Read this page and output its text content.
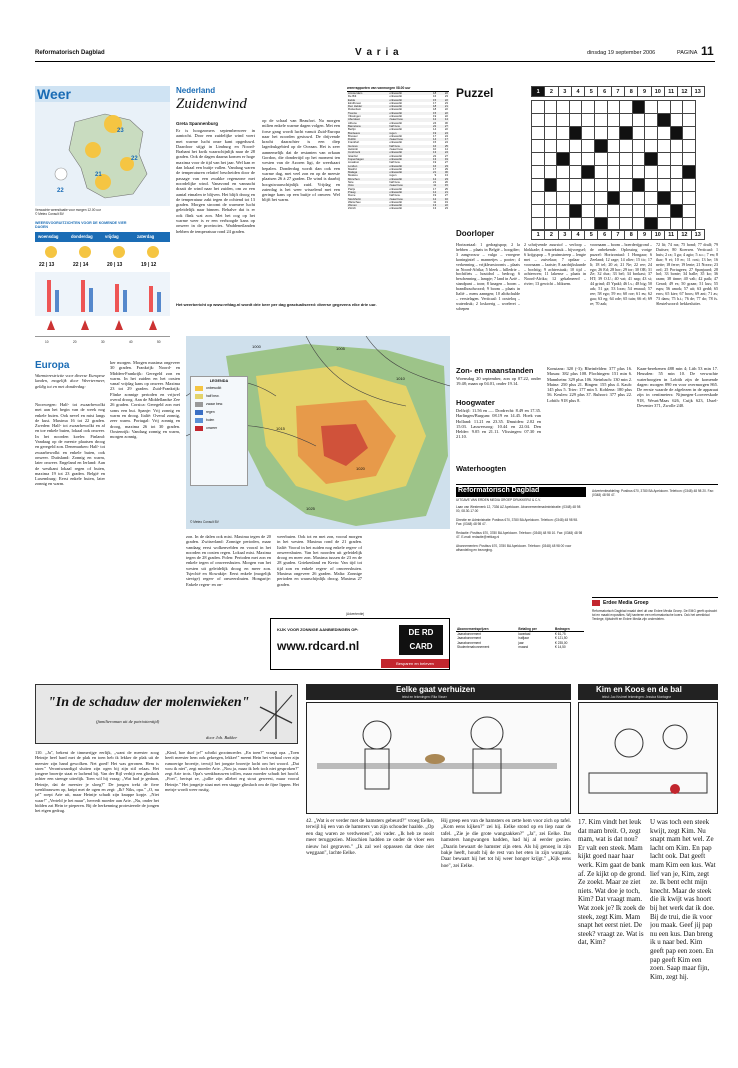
Reformatorisch Dagblad	V a r i a	dinsdag 19 september 2006	PAGINA 11
Weer
23
22
21
22
Verwachte weersituatie voor morgen 12.00 uur
© Meteo Consult BV
WEERSVOORUITZICHTEN VOOR DE KOMENDE VIER DAGEN
woensdag	donderdag	vrijdag	zaterdag
22 | 13	22 | 14	20 | 13	19 | 12
10	20	30	40	50
Nederland
Zuidenwind
Greta Spannenburg
Er is hoogzomers septemberweer in aantocht. Door een zuidelijke wind voert met warme lucht onze kant opgeduwd. Daardoor stijgt in Limburg en Noord-Brabant het kwik waarschijnlijk naar de 28 graden. Ook de dagen daarna komen er hoge maxima voor de tijd van het jaar. Wel kan er dan lokaal een buitje vallen. Vandaag waren de temperaturen relatief bescheiden door de passage van een zwakke regenzone met noordelijke wind. Vanavond en vannacht draait de wind naar het zuiden, om zo een aantal etmalen te blijven. Het blijft droog en de temperatuur zakt tegen de ochtend tot 13 graden. Morgen stroomt de warmere lucht geleidelijk naar binnen. Behalve dat is er ook flink wat zon. Met het oog op het warme weer is er een verhoogde kans op onweer in de provincies. Waddeneilanden hebben de temperatuur rond 24 graden.
op de schaal van Beaufort. Na morgen milien enkele warme dagen volgen. Met een forse gang wordt lucht vanuit Zuid-Europa naar het noorden gestuwd. De drijvende kracht daarachter is een diep lagedrukgebied op de Oceaan. Het is zeer aannemelijk dat de restanten van orkaan Gordon, die dondertijd op het moment ten westen van de Azoren ligt, de weerkaart bepalen. Donderdag wordt dan ook een warme dag, met veel zon en op de meeste plaatsen 26 à 27 graden. De wind is daarbij hoogstwaarschijnlijk zuid. Vrijdag en zaterdag is het weer wisselend met een geringe kans op een buitje of onweer. Wel blijft het warm.
weerrapporten van vanmorgen 08.00 uur
Amsterdam	onbewolkt	18	22
De Bilt	onbewolkt	16	23
Eelde	onbewolkt	15	22
Eindhoven	onbewolkt	17	23
Den Helder	onbewolkt	18	21
Rotterdam	onbewolkt	18	22
Twente	onbewolkt	15	22
Vlissingen	onbewolkt	19	22
Aberdeen	zwaar bew.	12	14
Athene	onbewolkt	24	30
Barcelona	half bew.	22	27
Berlijn	onbewolkt	14	22
Bordeaux	regen	19	24
Brussel	onbewolkt	17	24
Dublin	zwaar bew.	14	17
Frankfurt	onbewolkt	15	24
Genève	half bew.	16	25
Helsinki	zwaar bew.	10	14
Innsbruck	onbewolkt	13	24
Istanbul	onbewolkt	22	27
Kopenhagen	onbewolkt	13	19
Lissabon	half bew.	19	27
Londen	onbewolkt	16	23
Madrid	onbewolkt	17	29
Malaga	onbewolkt	21	30
Moskou	regen	9	13
München	onbewolkt	12	23
Nice	half bew.	21	26
Oslo	zwaar bew.	11	15
Parijs	onbewolkt	17	25
Praag	onbewolkt	12	21
Rome	half bew.	19	27
Stockholm	zwaar bew.	12	16
Warschau	onbewolkt	11	19
Wenen	onbewolkt	13	22
Zürich	onbewolkt	13	23
Het weerbericht op www.refdag.nl wordt drie keer per dag geactualiseerd: diverse gegevens elke drie uur.
Puzzel	1	2	3	4	5	6	7	8	9	10	11	12	13

Doorloper	1	2	3	4	5	6	7	8	9	10	11	12	13
Horizontaal: 1 gedragtspop; 2 la hebben ... plaats in België – hoogdier; 3 zangvrouw – vulgo – vroegere koningintel – mannetjes – pooier; 4 verkenning – vrijkleurstoornis – plaats in Noord-Afrika; 5 bleek – hilledrie – bochtfiets – houtdrol – bedrog; 6 beschenning – lampje; 7 land in Azië – standpunt – toon; 8 knagen – boom – brandhoudwoord; 9 boom – plaats in Italië – mens aanngen; 10 altdschulde – verstelagen. Verticaal: 1 oosteloq – waterdruk; 2 loskoerig – woelerei – schepen
2 schrijvende zuurstof – verloop – blokkade; 4 muziekstuk – bijvoegsel; 6 krijgspop – 9 pruimstreep – lengte met – zuivelaar; 7 opdaar – voornaam – laatste; 8 aardrijkskunde – bochtig; 9 achterstaak; 10 tijd – achterwen; 11 lakense – plaats in Noord-Afrika; 12 gekalmeerd – rivier; 13 gewicht – bliksem.
voornaam – boom – boerderijgrond – de onbekende. Oplossing vorige puzzel: Horizontaal: 1 Hongaar; 6 Zeeland; 12 rage; 14 olier; 15 tic; 17 li; 18 tel; 20 zi; 21 Ne; 22 ree; 24 ego; 26 Ed; 28 hor; 29 tor; 30 OR; 31 Ze; 32 dux; 33 bel; 34 brokast; 37 HT; 39 O.U.; 40 vat; 41 nap; 43 si; 44 grind; 45 Ypakl; 46 l.s.; 48 big; 50 ark; 51 ga; 53 loon; 54 emraal; 57 ree; 58 ego; 59 eo; 60 roe; 61 eu; 62 gaa; 63 eg; 64 ode; 65 tuin; 66 el; 69 re; 70 aak;
72 lit; 74 ras; 75 hond; 77 dralf; 79 Duitser; 80 Koersen. Verticaal: 1 huis; 2 ra; 3 ga; 4 agio; 5 a.c.; 7 en; 8 ikar; 9 ei; 10 ec; 11 rost; 13 he; 16 nette; 18 ferre; 19 lente; 21 Noorz; 23 ord; 25 Portugees; 27 Spanjaard; 28 hol; 33 bonte; 34 balle; 35 ko; 36 raam; 38 tinne; 40 valt; 42 paik; 47 Gerad; 49 es; 50 graan; 51 kus; 55 rups; 56 amok; 57 uit; 63 gedd; 65 eros; 65 kier; 67 boos; 69 ani; 71 as; 73 dans; 75 h.t.; 76 de; 77 do; 78 fs. Sleutelwoord: hekkesluiter.
Europa
Warmterestrictie voor diverse Europese landen, mogelijk door Weertermeer, geldig tot en met donderdag:
Noorwegen: Half- tot zwaarbewolkt met aan het begin van de week nog enkele buien. Ook nevel en mist langs de kust. Maxima 16 tot 22 graden. Zweden: Half- tot zwaarbewolkt en af en toe enkele buien, lokaal ook onweer. In het noorden koeler. Finland: Vandaag op de meeste plaatsen droog en geregeld zon. Denemarken: Half- tot zwaarbewolkt en enkele buien, ook onweer. Duitsland: Zonnig en warm, later onweer. Engeland en Ierland: Aan de westkant lokaal regen of buien, maxima 19 tot 23 graden. België en Luxemburg: Eerst enkele buien, later zonnig en warm.
ker morgen. Morgen maxima ongeveer 30 graden. Frankrijk: Noord- en Midden-Frankrijk: Geregeld zon en warm. In het zuiden en het oosten vanaf vrijdag kans op onweer. Maxima 23 tot 29 graden. Zuid-Frankrijk: Flinke zonnige perioden en vrijwel overal droog. Aan de Middellandse Zee 26 graden. Corsica: Geregeld zon met soms een bui. Spanje: Vrij zonnig en warm en droog. Italië: Overal zonnig, zeer warm. Portugal: Vrij zonnig en droog, maxima 26 tot 30 graden. Oostenrijk: Vandaag zonnig en warm, morgen zonnig.
LEGENDA
onbewolkt
half bew.
zwaar bew.
regen
buien
onweer
1000	1005
1010
1015
1020
1025
© Meteo Consult BV
zon. In de dalen ook mist. Maxima tegen de 20 graden. Zwitserland: Zonnige perioden, maar vandaag eerst wolkenvelden en vooral in het noorden en oosten regen. Lokaal mist. Maxima tegen de 28 graden. Polen: Perioden met zon en enkele tegen of onweersbuien. Morgen van het westen uit geleidelijk droog en meer zon. Tsjechië en Slowakije: Eerst enkele (mogelijk stevige) regen- of onweersbuien. Hongarije: Enkele regen- en on-
weerbuien. Ook tot en met zon, vooral morgen in het westen. Maxima rond de 21 graden. Italië: Vooral in het zuiden nog enkele regen- of onweersbuien. Van het noorden uit geleidelijk droog en meer zon. Maxima tussen de 23 en de 28 graden. Griekenland en Kreta: Van tijd tot tijd zon en enkele regen- of onweersbuien. Maxima ongeveer 26 graden. Malta: Zonnige perioden en waarschijnlijk droog. Maxima 27 graden.
(Advertentie)
KIJK VOOR ZONNIGE AANBIEDINGEN OP:
www.rdcard.nl
DE RD CARD
Besparen en beleven
Zon- en maanstanden
Woensdag 20 september, zon op 07.22, onder 19.48; maan op 04.01, onder 19.14.
Hoogwater
Delfzijl: 11.56 en —. Dordrecht: 8.49 en 17.35. Harlingen/Burgum: 08.19 en 14.45. Hoek van Holland: 11.21 en 23.35. IJmuiden: 2.02 en 15.03. Lauwersoog: 10.44 en 22.04. Den Helder: 9.05 en 21.11. Vlissingen: 07.30 en 21.10.
Waterhoogten
Konstanz: 320 (-3); Rheinfelden: 377 plus 16. Maxau: 382 plus 108. Plochingen: 151 min 6. Mannheim: 329 plus 106. Steinbach: 130 min 2. Mainz: 250 plus 21. Bingen: 155 plus 4. Kaub: 145 plus 5. Trier: 177 min 5. Koblenz: 180 plus 56. Keulen: 229 plus 37. Ruhrort: 377 plus 22. Lobith: 918 plus 8.
Kaan-berekenen 488 min 4; Lith 53 min 17. Heusden: 55 min 10. De verwachte waterhoogten in Lobith zijn de komende dagen: morgen 890 en voor overmorgen 865. De eerste waarde de afgelezen in de apparaat zijn in centimeters: Nijmegen-Looveeskade 918, Weurt/Maas 626, Cuijk 623, IJssel-Deventer 371, Zwolle 240.
Reformatorisch Dagblad
UITGAVE VAN ERDEN MEDIA GROEP DRUKKERIJ & C.V.
Laan van Westenenk 12, 7336 AZ Apeldoorn. Abonnementenadministratie: (0348) 48 98 00, 08.30-17.00
Directie en Administratie: Postbus 670, 3780 BA Apeldoorn. Telefoon: (0348) 48 98 98. Fax: (0348) 48 98 47.
Redactie: Postbus 670, 3780 BA Apeldoorn. Telefoon: (0348) 48 98 10. Fax: (0348) 48 98 47. E-mail: redactie@refdag.nl
Abonnementen: Postbus 670, 3780 BA Apeldoorn. Telefoon: (0348) 48 98 00 voor afhandeling en bezorging.
Abonnementsprijzen	Betaling per	Bedragen
Jaarabonnement	kwartaal	€ 61,75
Jaarabonnement	halfjaar	€ 121,50
Jaarabonnement	jaar	€ 235,00
Studentenabonnement	maand	€ 14,50
Advertentieafdeling: Postbus 670, 3780 BA Apeldoorn. Telefoon: (0348) 48 98 20. Fax: (0348) 48 98 47.
Erdee Media Groep
Reformatorisch Dagblad maakt deel uit van Erdee Media Groep. De EMG geeft opdracht tot en maakt exposities. Wij hanteren een reformatorische koers. Ook het weekblad Terdege, tijdschrift en Erdee Media zijn onderdelen.
"In de schaduw der molenwieken"
(familieroman uit de patriottentijd)
door Joh. Bakker
110. „Ja", bekent de timmerijge eerlijk, „want de meester zoog Heintje heel hard met de plak en toen heb ik lekker de plak uit de meester zijn hand gewolken. Net goed! Het was geronen. Hem is stoer." Verontwaardigd sluiten zijn ogen bij zijn stil relaas. Het jongere broertje staat er lachend bij. Van der Bijl verbijt een glimlach achter een strenge uiterlijk. Toen wil hij vraag: „Wat had je gedaan, Heintje, dat de meester je sloeg?" De jongen trekt de fiere wenkbrauwen op, knipt met de ogen en zegt: „Ik? Niks, opa." „O, nu ja!" roept Arie uit, maar Heintje schudt zijn knappe kopje. „Niet waar!" „Verteld je het maar", hervedt moeder aan Arie. „Nu, onder het bidden zat Hein te pieperen. Bij de herkenning protesteerde de jongen het eigen gedrag.
„Kind, hoe durf je!" schrikt grootmoeder. „En toen?" vraagt opa. „Toen heeft meester hem ook gekregen, lekker!" meent Hein het verhaal over zijn rumoerige broertje, terwijl het jongste broertje lacht om het woord. „Dat wou ik niet", zegt moeder Arie. „Nou ja, maar ik heb toch niet gesproken?" zegt Arie trots. Opa's wenkbrauwen trillen, maar moeder schudt het hoofd. „Foei", berispt ze, „jullie zijn allebei erg stout geweest, maar vooral Heintje." Het jongetje staat met een stugge glimlach om de fijne lippen. Het meisje wordt weer rustig.
Eelke gaat verhuizen
tekst en tekeningen: Rita Visser
42. „Wat is er verder met de hamsters gebeurd?" vroeg Eelke, terwijl hij een van de hamsters van zijn schouder haalde. „Op een dag waren ze verdwenen", zei vader. „Ik heb ze nooit meer teruggezien. Misschien hadden ze onder de vloer een nieuw hol gegraven." „Ik zal wel oppassen dat deze niet weggaan", lachte Eelke.
Hij greep een van de hamsters en zette hem voor zich op tafel. „Kom eens kijken?" zei hij. Eelke stond op en liep naar de tafel. „Zie je die grote wangzakken?" „Ja", zei Eelke. Dat hamsters hangwangen hadden, had hij al eerder gezien. „Daarin bewaart de hamster zijn eten. Als hij genoeg in zijn bakje heeft, houdt hij de rest van het eten in zijn wangzak. Daar bewaart hij het tot hij weer honger krijgt." „Kijk eens hoe", zei Eelke.
Kim en Koos en de bal
tekst: Jac Kruimel tekeningen: Jessica Montagne
17. Kim vindt het leuk dat mam breit. O, zegt mam, wat is dat nou? Er valt een steek. Mam kijkt goed naar haar werk. Kim gaat de bank af. Ze kijkt op de grond. Ze zoekt. Maar ze ziet niets. Wat doe je toch, Kim? Dat vraagt mam. Wat zoek je? Ik zoek de steek, zegt Kim. Mam snapt het eerst niet. De steek? vraagt ze. Wat is dat, Kim?
U was toch een steek kwijt, zegt Kim. Nu snapt mam het wel. Ze lacht om Kim. En pap lacht ook. Dat geeft mam Kim een kus. Wat lief van je, Kim, zegt ze. Ik bent echt mijn knecht. Maar de steek die ik kwijt was hoort bij het werk dat ik doe. Bij de trui, die ik voor jou maak. Geef jij pap nu een kus. Dan breng ik u naar bed. Kim geeft pap een zoen. En pap geeft Kim een zoen. Saap maar fijn, Kim, zegt hij.
